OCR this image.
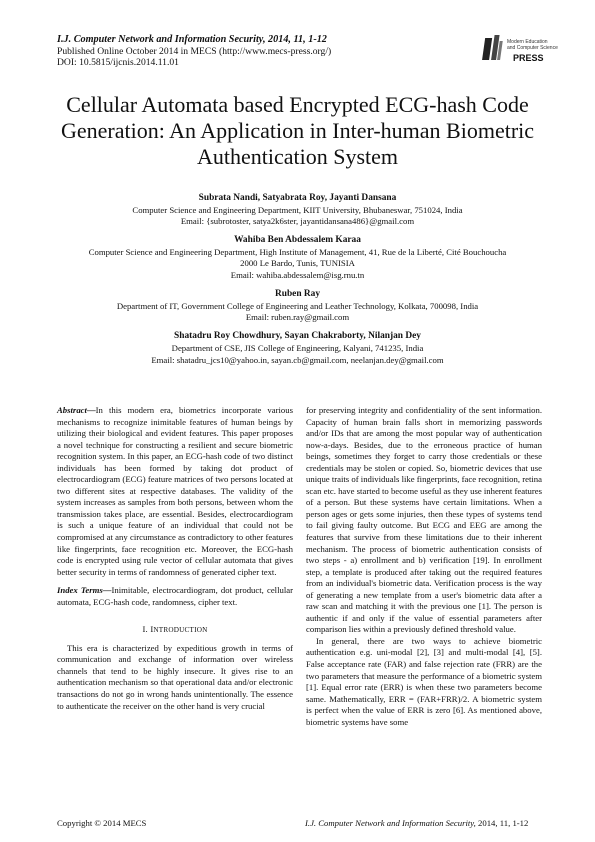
I.J. Computer Network and Information Security, 2014, 11, 1-12
Published Online October 2014 in MECS (http://www.mecs-press.org/)
DOI: 10.5815/ijcnis.2014.11.01
Modern Education
and Computer Science
PRESS
Cellular Automata based Encrypted ECG-hash Code Generation: An Application in Inter-human Biometric Authentication System
Subrata Nandi, Satyabrata Roy, Jayanti Dansana
Computer Science and Engineering Department, KIIT University, Bhubaneswar, 751024, India
Email: {subrotoster, satya2k6ster, jayantidansana486}@gmail.com
Wahiba Ben Abdessalem Karaa
Computer Science and Engineering Department, High Institute of Management, 41, Rue de la Liberté, Cité Bouchoucha
2000 Le Bardo, Tunis, TUNISIA
Email: wahiba.abdessalem@isg.rnu.tn
Ruben Ray
Department of IT, Government College of Engineering and Leather Technology, Kolkata, 700098, India
Email: ruben.ray@gmail.com
Shatadru Roy Chowdhury, Sayan Chakraborty, Nilanjan Dey
Department of CSE, JIS College of Engineering, Kalyani, 741235, India
Email: shatadru_jcs10@yahoo.in, sayan.cb@gmail.com, neelanjan.dey@gmail.com

Abstract—In this modern era, biometrics incorporate various mechanisms to recognize inimitable features of human beings by utilizing their biological and evident features. This paper proposes a novel technique for constructing a resilient and secure biometric recognition system. In this paper, an ECG-hash code of two distinct individuals has been formed by taking dot product of electrocardiogram (ECG) feature matrices of two persons located at two different sites at respective databases. The validity of the system increases as samples from both persons, between whom the transmission takes place, are essential. Besides, electrocardiogram is such a unique feature of an individual that could not be compromised at any circumstance as contradictory to other features like fingerprints, face recognition etc. Moreover, the ECG-hash code is encrypted using rule vector of cellular automata that gives better security in terms of randomness of generated cipher text.

Index Terms—Inimitable, electrocardiogram, dot product, cellular automata, ECG-hash code, randomness, cipher text.

I. INTRODUCTION

This era is characterized by expeditious growth in terms of communication and exchange of information over wireless channels that tend to be highly insecure. It gives rise to an authentication mechanism so that operational data and/or electronic transactions do not go in wrong hands unintentionally. The essence to authenticate the receiver on the other hand is very crucial

for preserving integrity and confidentiality of the sent information. Capacity of human brain falls short in memorizing passwords and/or IDs that are among the most popular way of authentication now-a-days. Besides, due to the erroneous practice of human beings, sometimes they forget to carry those credentials or these credentials may be stolen or copied. So, biometric devices that use unique traits of individuals like fingerprints, face recognition, retina scan etc. have started to become useful as they use inherent features of a person. But these systems have certain limitations. When a person ages or gets some injuries, then these types of systems tend to fail giving faulty outcome. But ECG and EEG are among the features that survive from these limitations due to their inherent mechanism. The process of biometric authentication consists of two steps - a) enrollment and b) verification [19]. In enrollment step, a template is produced after taking out the required features from an individual's biometric data. Verification process is the way of generating a new template from a user's biometric data after a raw scan and matching it with the previous one [1]. The person is authentic if and only if the value of essential parameters after comparison lies within a previously defined threshold value.

In general, there are two ways to achieve biometric authentication e.g. uni-modal [2], [3] and multi-modal [4], [5]. False acceptance rate (FAR) and false rejection rate (FRR) are the two parameters that measure the performance of a biometric system [1]. Equal error rate (ERR) is when these two parameters become same. Mathematically, ERR = (FAR+FRR)/2. A biometric system is perfect when the value of ERR is zero [6]. As mentioned above, biometric systems have some

Copyright © 2014 MECS	I.J. Computer Network and Information Security, 2014, 11, 1-12
